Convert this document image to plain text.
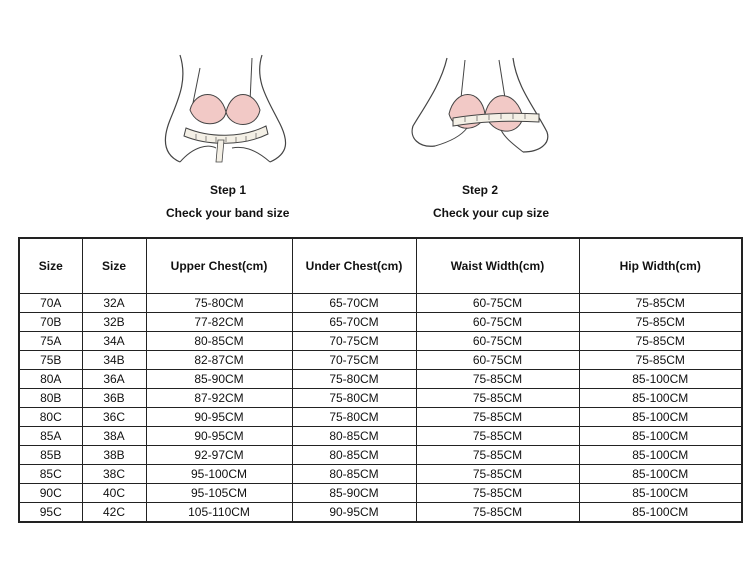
Step 1
Check your band size
Step 2
Check your cup size
Size	Size	Upper Chest(cm)	Under Chest(cm)	Waist Width(cm)	Hip Width(cm)
70A	32A	75-80CM	65-70CM	60-75CM	75-85CM
70B	32B	77-82CM	65-70CM	60-75CM	75-85CM
75A	34A	80-85CM	70-75CM	60-75CM	75-85CM
75B	34B	82-87CM	70-75CM	60-75CM	75-85CM
80A	36A	85-90CM	75-80CM	75-85CM	85-100CM
80B	36B	87-92CM	75-80CM	75-85CM	85-100CM
80C	36C	90-95CM	75-80CM	75-85CM	85-100CM
85A	38A	90-95CM	80-85CM	75-85CM	85-100CM
85B	38B	92-97CM	80-85CM	75-85CM	85-100CM
85C	38C	95-100CM	80-85CM	75-85CM	85-100CM
90C	40C	95-105CM	85-90CM	75-85CM	85-100CM
95C	42C	105-110CM	90-95CM	75-85CM	85-100CM
